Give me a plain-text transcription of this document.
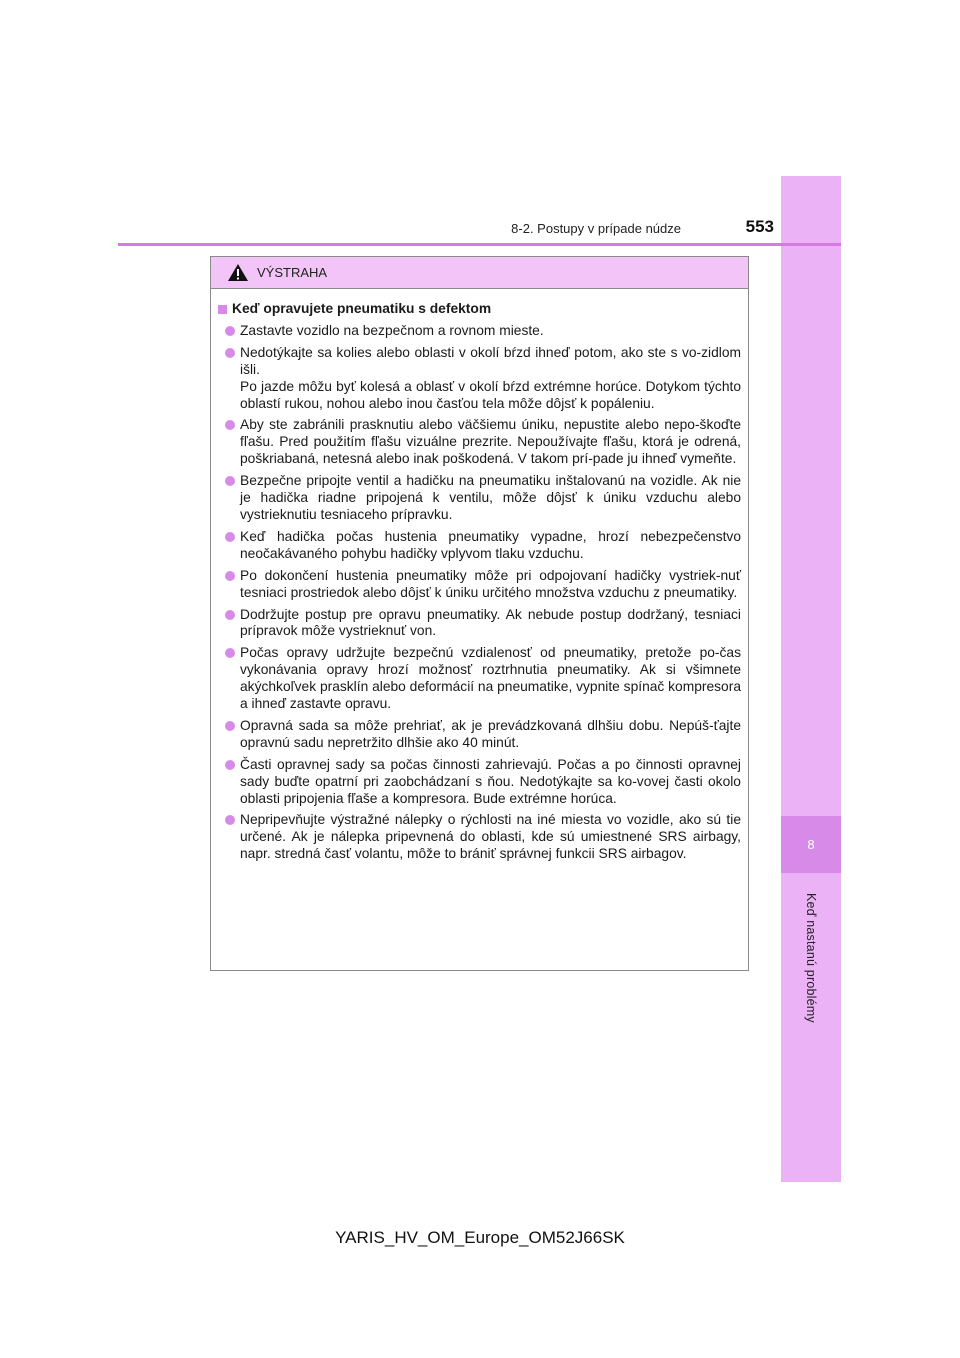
8
Keď nastanú problémy
8-2. Postupy v prípade núdze	553
VÝSTRAHA
Keď opravujete pneumatiku s defektom

Zastavte vozidlo na bezpečnom a rovnom mieste.

Nedotýkajte sa kolies alebo oblasti v okolí bŕzd ihneď potom, ako ste s vo-zidlom išli.

Po jazde môžu byť kolesá a oblasť v okolí bŕzd extrémne horúce. Dotykom týchto oblastí rukou, nohou alebo inou časťou tela môže dôjsť k popáleniu.

Aby ste zabránili prasknutiu alebo väčšiemu úniku, nepustite alebo nepo-škoďte fľašu. Pred použitím fľašu vizuálne prezrite. Nepoužívajte fľašu, ktorá je odrená, poškriabaná, netesná alebo inak poškodená. V takom prí-pade ju ihneď vymeňte.

Bezpečne pripojte ventil a hadičku na pneumatiku inštalovanú na vozidle. Ak nie je hadička riadne pripojená k ventilu, môže dôjsť k úniku vzduchu alebo vystrieknutiu tesniaceho prípravku.

Keď hadička počas hustenia pneumatiky vypadne, hrozí nebezpečenstvo neočakávaného pohybu hadičky vplyvom tlaku vzduchu.

Po dokončení hustenia pneumatiky môže pri odpojovaní hadičky vystriek-nuť tesniaci prostriedok alebo dôjsť k úniku určitého množstva vzduchu z pneumatiky.

Dodržujte postup pre opravu pneumatiky. Ak nebude postup dodržaný, tesniaci prípravok môže vystrieknuť von.

Počas opravy udržujte bezpečnú vzdialenosť od pneumatiky, pretože po-čas vykonávania opravy hrozí možnosť roztrhnutia pneumatiky. Ak si všimnete akýchkoľvek prasklín alebo deformácií na pneumatike, vypnite spínač kompresora a ihneď zastavte opravu.

Opravná sada sa môže prehriať, ak je prevádzkovaná dlhšiu dobu. Nepúš-ťajte opravnú sadu nepretržito dlhšie ako 40 minút.

Časti opravnej sady sa počas činnosti zahrievajú. Počas a po činnosti opravnej sady buďte opatrní pri zaobchádzaní s ňou. Nedotýkajte sa ko-vovej časti okolo oblasti pripojenia fľaše a kompresora. Bude extrémne horúca.

Nepripevňujte výstražné nálepky o rýchlosti na iné miesta vo vozidle, ako sú tie určené. Ak je nálepka pripevnená do oblasti, kde sú umiestnené SRS airbagy, napr. stredná časť volantu, môže to brániť správnej funkcii SRS airbagov.

YARIS_HV_OM_Europe_OM52J66SK
